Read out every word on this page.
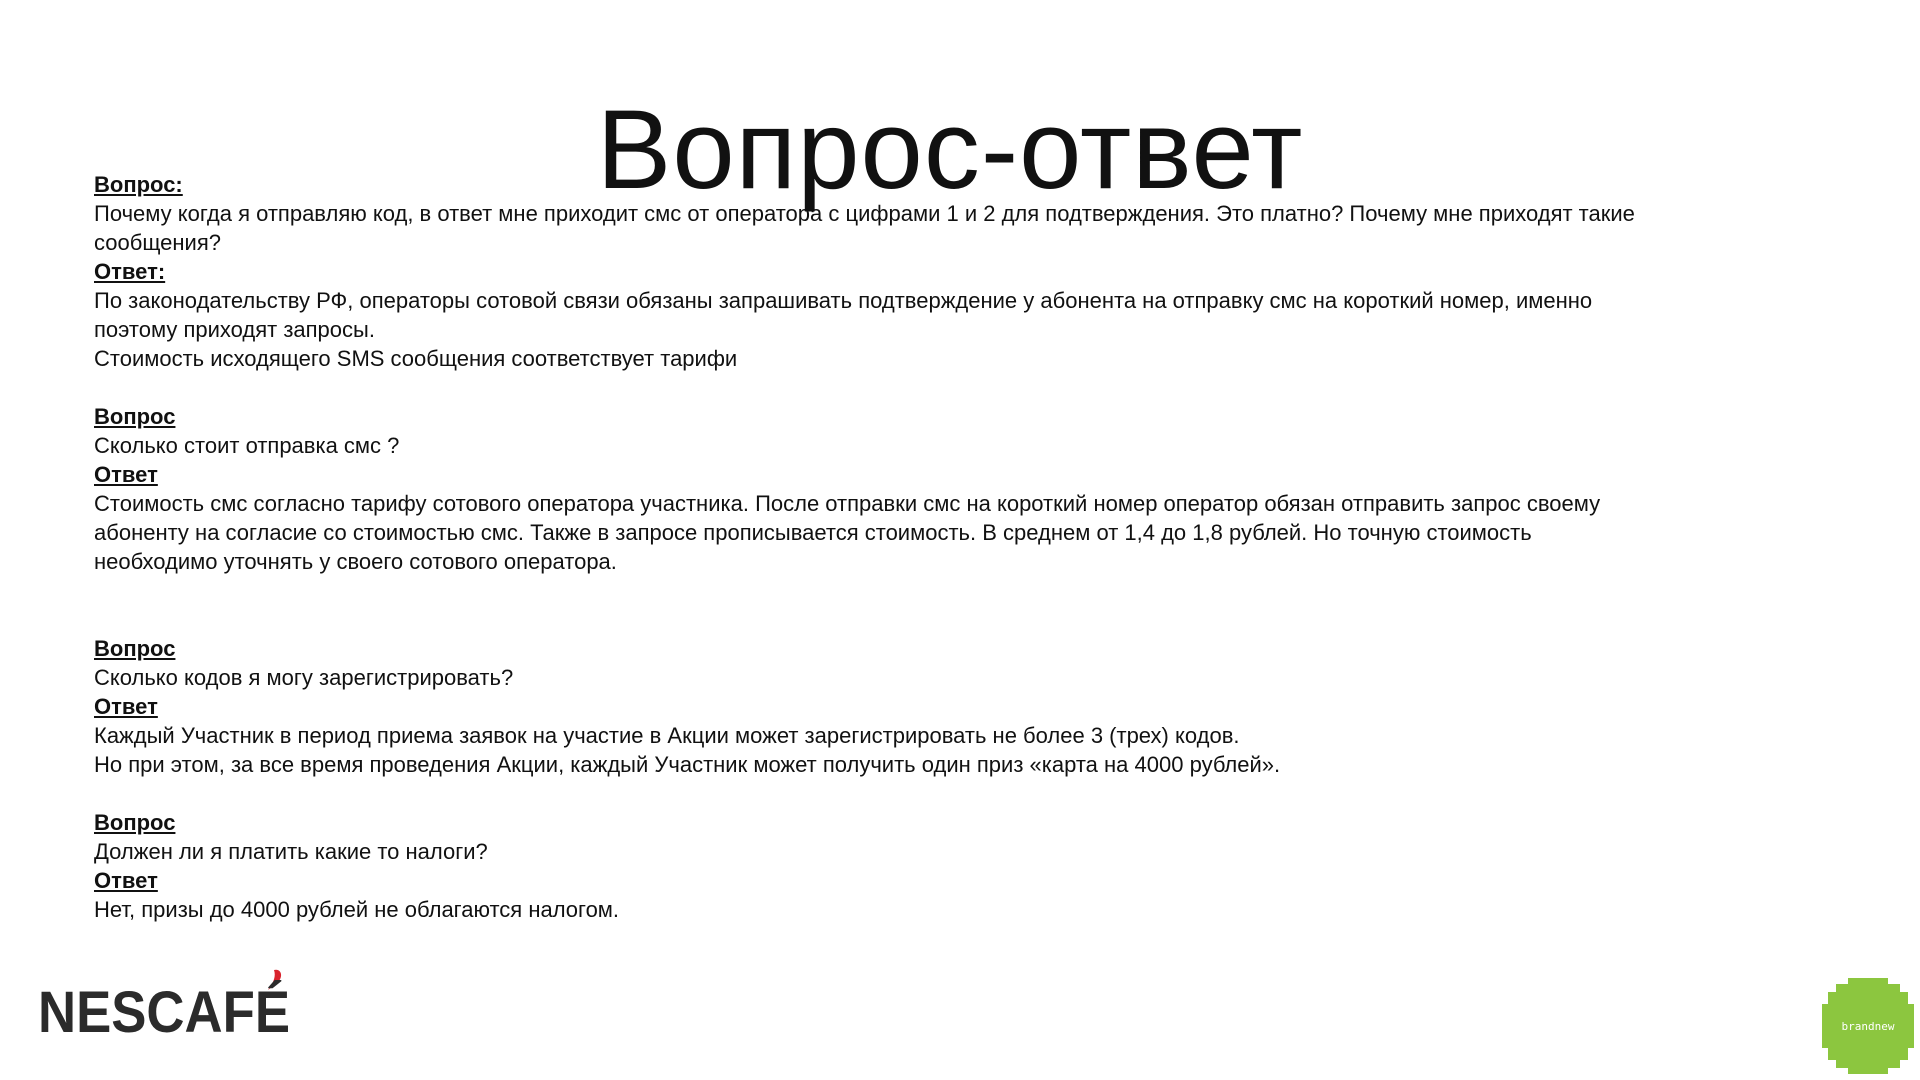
Вопрос-ответ
Вопрос:
Почему когда я отправляю код, в ответ мне приходит смс от оператора с цифрами 1 и 2 для подтверждения. Это платно? Почему мне приходят такие
сообщения?
Ответ:
По законодательству РФ, операторы сотовой связи обязаны запрашивать подтверждение у абонента на отправку смс на короткий номер, именно
поэтому приходят запросы.
Стоимость исходящего SMS сообщения соответствует тарифи
Вопрос
Сколько стоит отправка смс ?
Ответ
Стоимость смс согласно тарифу сотового оператора участника. После отправки смс на короткий номер оператор обязан отправить запрос своему
абоненту на согласие со стоимостью смс. Также в запросе прописывается стоимость. В среднем от 1,4 до 1,8 рублей. Но точную стоимость
необходимо уточнять у своего сотового оператора.
Вопрос
Сколько кодов я могу зарегистрировать?
Ответ
Каждый Участник в период приема заявок на участие в Акции может зарегистрировать не более 3 (трех) кодов.
Но при этом, за все время проведения Акции, каждый Участник может получить один приз «карта на 4000 рублей».
Вопрос
Должен ли я платить какие то налоги?
Ответ
Нет, призы до 4000 рублей не облагаются налогом.
NESCAFÉ	brandnew
